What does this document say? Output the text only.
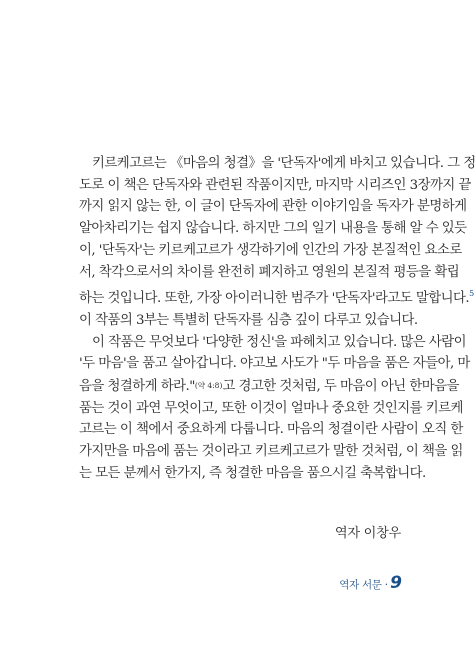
키르케고르는 《마음의 청결》을 '단독자'에게 바치고 있습니다. 그 정
도로 이 책은 단독자와 관련된 작품이지만, 마지막 시리즈인 3장까지 끝
까지 읽지 않는 한, 이 글이 단독자에 관한 이야기임을 독자가 분명하게
알아차리기는 쉽지 않습니다. 하지만 그의 일기 내용을 통해 알 수 있듯
이, '단독자'는 키르케고르가 생각하기에 인간의 가장 본질적인 요소로
서, 착각으로서의 차이를 완전히 폐지하고 영원의 본질적 평등을 확립
하는 것입니다. 또한, 가장 아이러니한 범주가 '단독자'라고도 말합니다.$^5$
이 작품의 3부는 특별히 단독자를 심층 깊이 다루고 있습니다.
이 작품은 무엇보다 '다양한 정신'을 파헤치고 있습니다. 많은 사람이
'두 마음'을 품고 살아갑니다. 야고보 사도가 "두 마음을 품은 자들아, 마
음을 청결하게 하라."(약 4:8)고 경고한 것처럼, 두 마음이 아닌 한마음을
품는 것이 과연 무엇이고, 또한 이것이 얼마나 중요한 것인지를 키르케
고르는 이 책에서 중요하게 다룹니다. 마음의 청결이란 사람이 오직 한
가지만을 마음에 품는 것이라고 키르케고르가 말한 것처럼, 이 책을 읽
는 모든 분께서 한가지, 즉 청결한 마음을 품으시길 축복합니다.
역자 이창우
역자 서문 · 9
